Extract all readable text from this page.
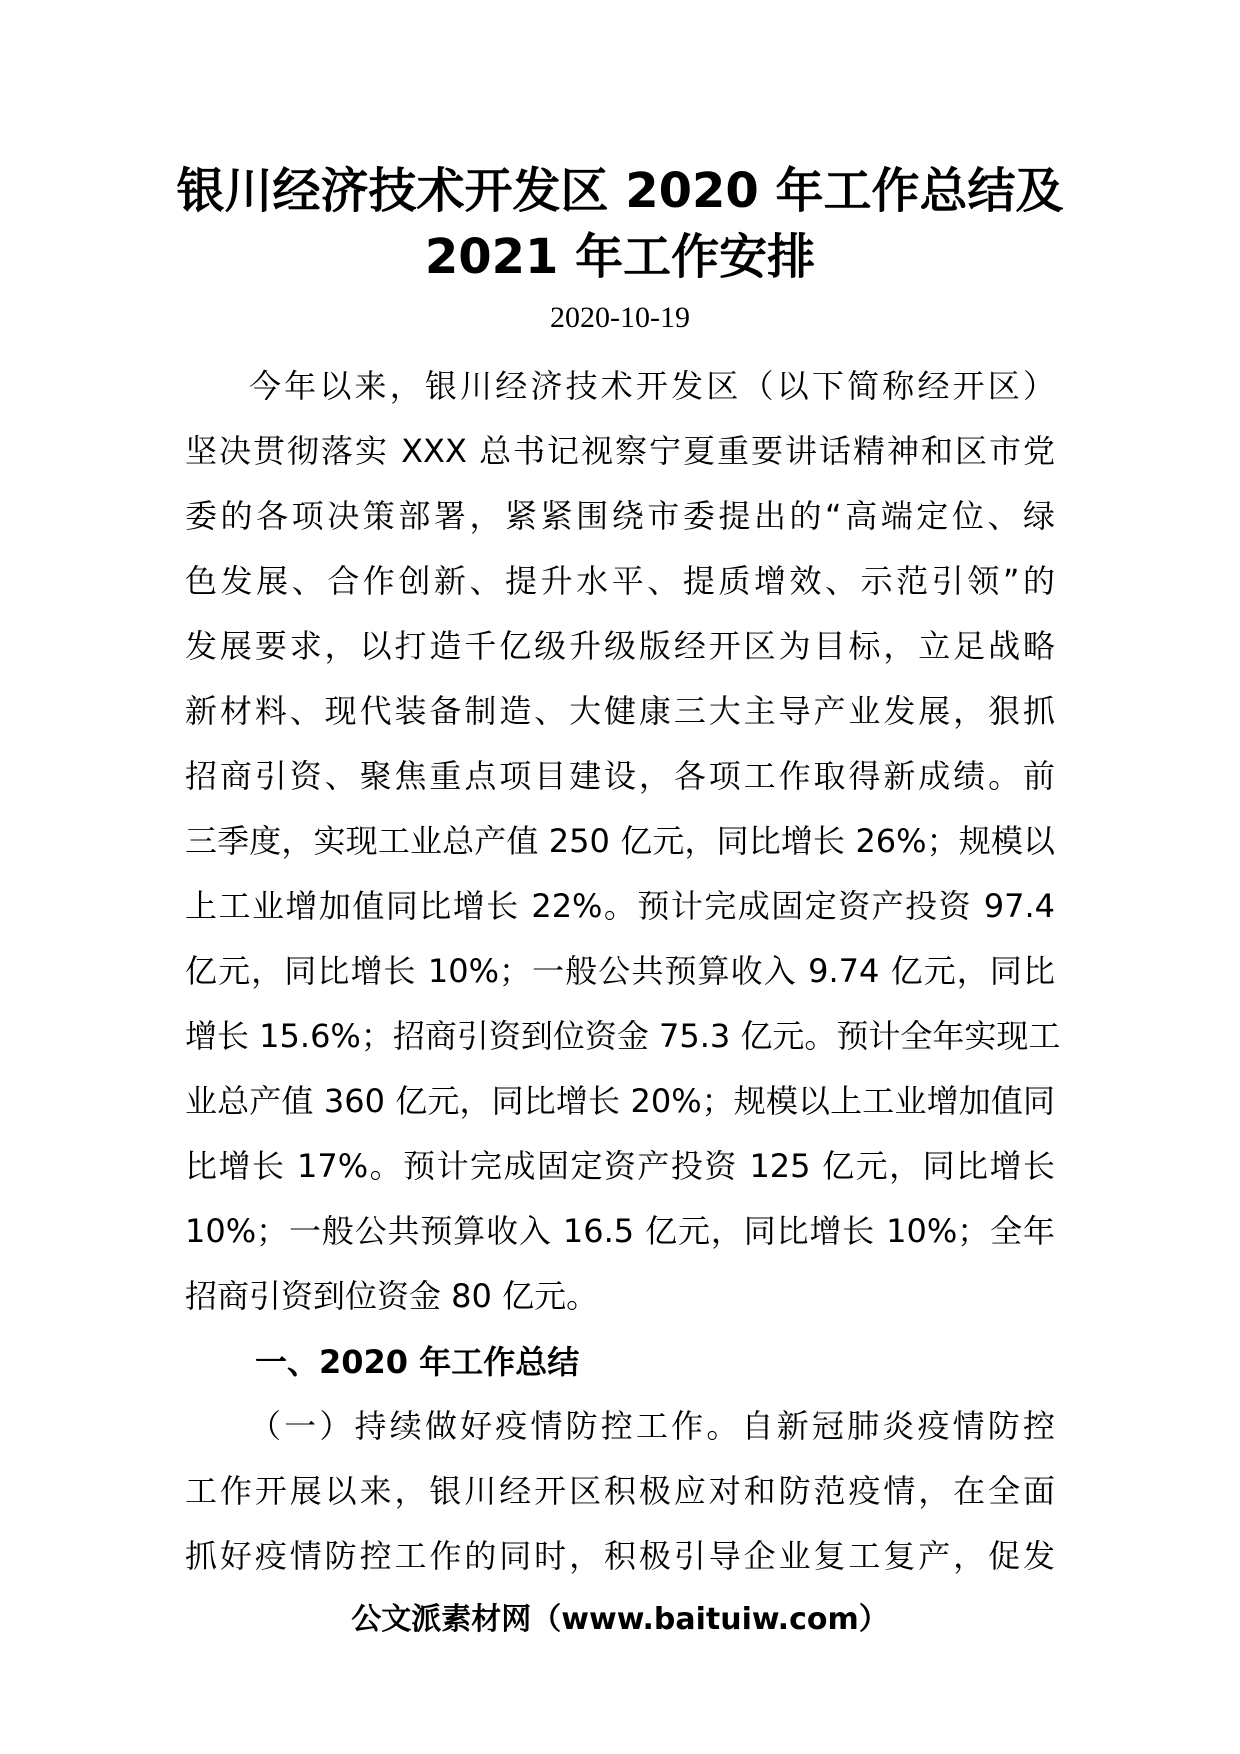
银川经济技术开发区 2020 年工作总结及
2021 年工作安排
2020-10-19
今年以来，银川经济技术开发区（以下简称经开区）
坚决贯彻落实 XXX 总书记视察宁夏重要讲话精神和区市党
委的各项决策部署，紧紧围绕市委提出的“高端定位、绿
色发展、合作创新、提升水平、提质增效、示范引领”的
发展要求，以打造千亿级升级版经开区为目标，立足战略
新材料、现代装备制造、大健康三大主导产业发展，狠抓
招商引资、聚焦重点项目建设，各项工作取得新成绩。前
三季度，实现工业总产值 250 亿元，同比增长 26%；规模以
上工业增加值同比增长 22%。预计完成固定资产投资 97.4
亿元，同比增长 10%；一般公共预算收入 9.74 亿元，同比
增长 15.6%；招商引资到位资金 75.3 亿元。预计全年实现工
业总产值 360 亿元，同比增长 20%；规模以上工业增加值同
比增长 17%。预计完成固定资产投资 125 亿元，同比增长
10%；一般公共预算收入 16.5 亿元，同比增长 10%；全年
招商引资到位资金 80 亿元。
一、2020 年工作总结
（一）持续做好疫情防控工作。自新冠肺炎疫情防控
工作开展以来，银川经开区积极应对和防范疫情，在全面
抓好疫情防控工作的同时，积极引导企业复工复产，促发
公文派素材网（www.baituiw.com）
